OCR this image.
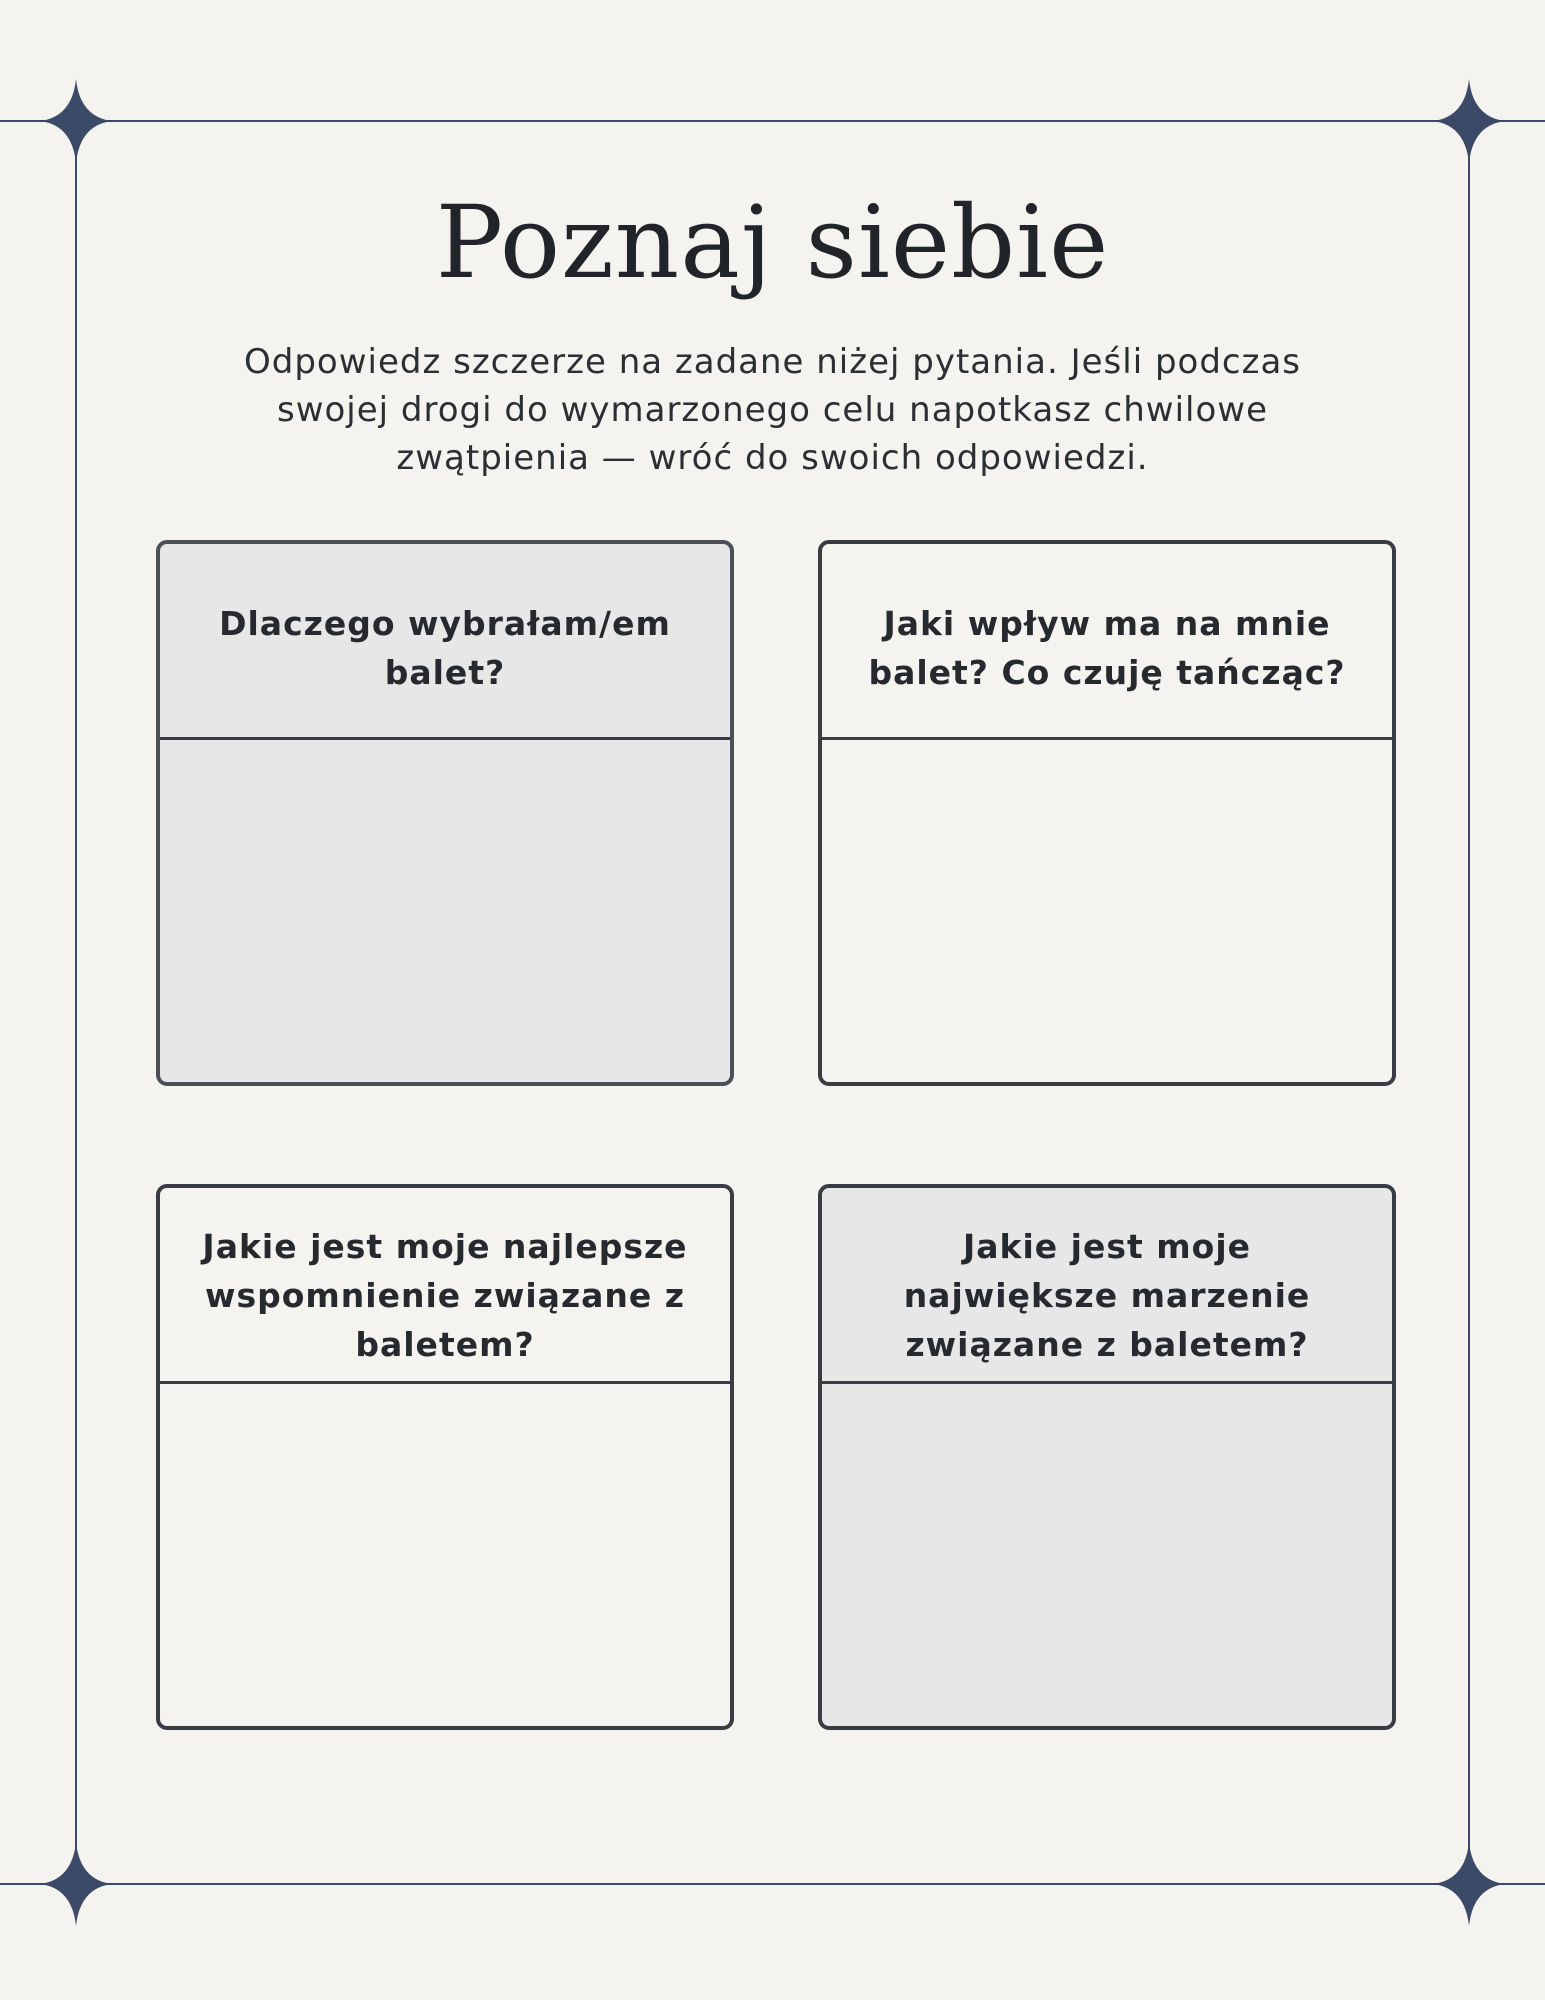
Poznaj siebie

Odpowiedz szczerze na zadane niżej pytania. Jeśli podczas swojej drogi do wymarzonego celu napotkasz chwilowe zwątpienia — wróć do swoich odpowiedzi.

Dlaczego wybrałam/em balet?

Jaki wpływ ma na mnie balet? Co czuję tańcząc?

Jakie jest moje najlepsze wspomnienie związane z baletem?

Jakie jest moje największe marzenie związane z baletem?
